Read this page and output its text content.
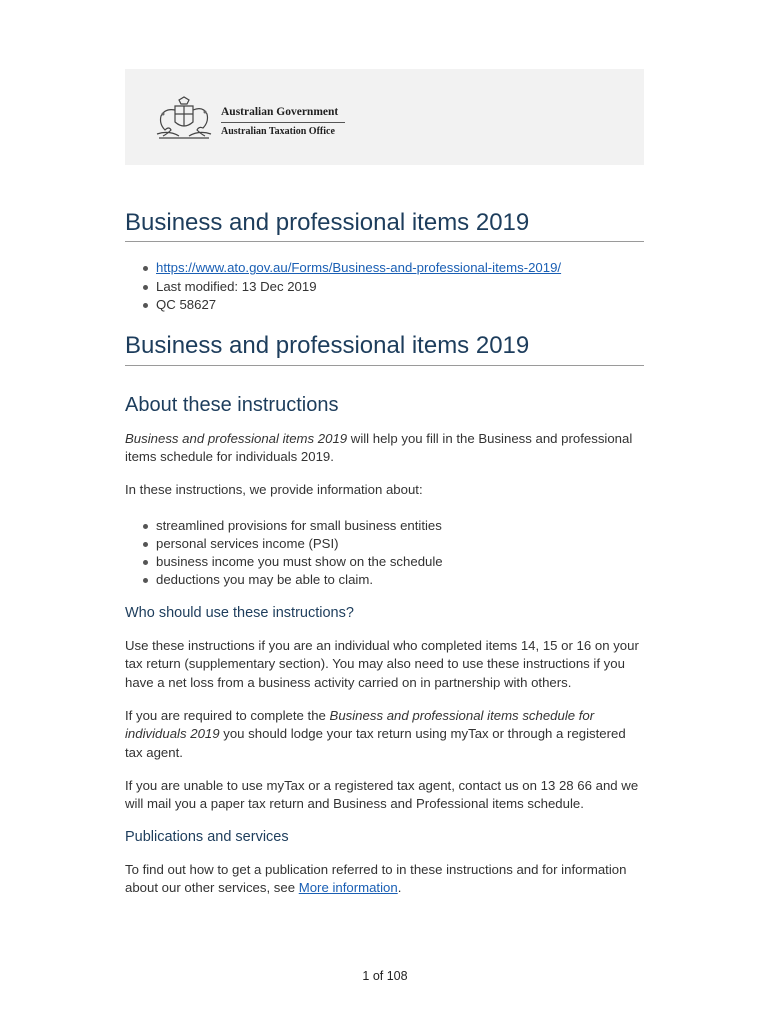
Australian Government
Australian Taxation Office
Business and professional items 2019
https://www.ato.gov.au/Forms/Business-and-professional-items-2019/
Last modified: 13 Dec 2019
QC 58627
Business and professional items 2019
About these instructions

Business and professional items 2019 will help you fill in the Business and professional items schedule for individuals 2019.

In these instructions, we provide information about:

streamlined provisions for small business entities
personal services income (PSI)
business income you must show on the schedule
deductions you may be able to claim.
Who should use these instructions?

Use these instructions if you are an individual who completed items 14, 15 or 16 on your tax return (supplementary section). You may also need to use these instructions if you have a net loss from a business activity carried on in partnership with others.

If you are required to complete the Business and professional items schedule for individuals 2019 you should lodge your tax return using myTax or through a registered tax agent.

If you are unable to use myTax or a registered tax agent, contact us on 13 28 66 and we will mail you a paper tax return and Business and Professional items schedule.

Publications and services

To find out how to get a publication referred to in these instructions and for information about our other services, see More information.

1 of 108
